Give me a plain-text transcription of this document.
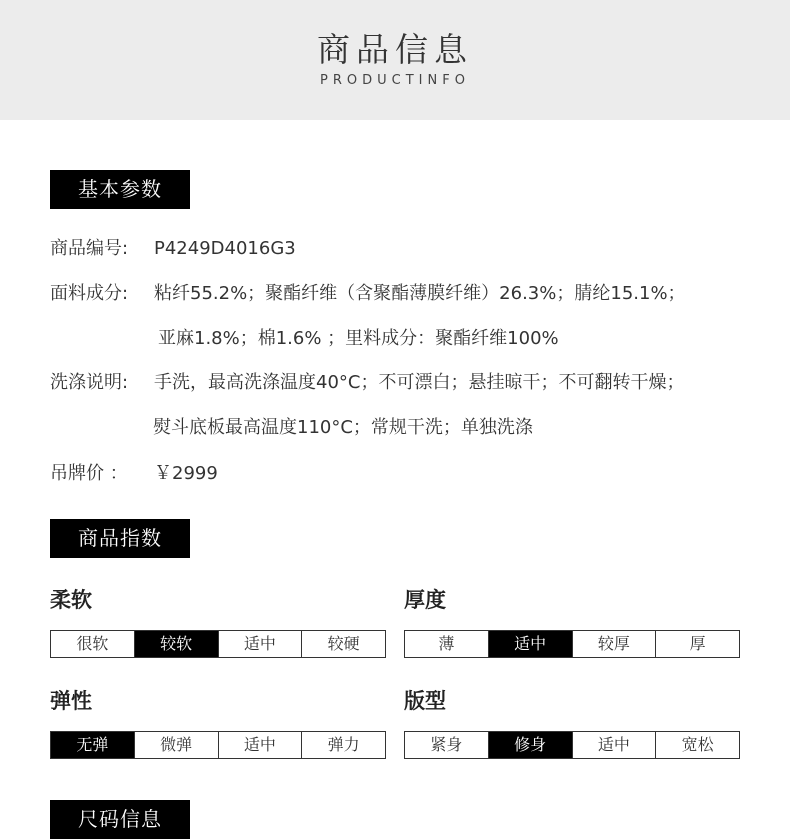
商品信息
PRODUCTINFO
基本参数
商品编号: P4249D4016G3
面料成分: 粘纤55.2%；聚酯纤维（含聚酯薄膜纤维）26.3%；腈纶15.1%；
亚麻1.8%；棉1.6% ；里料成分：聚酯纤维100%
洗涤说明: 手洗，最高洗涤温度40°C；不可漂白；悬挂晾干；不可翻转干燥；
熨斗底板最高温度110°C；常规干洗；单独洗涤
吊牌价 ： ￥2999
商品指数
柔软
很软	较软	适中	较硬
厚度
薄	适中	较厚	厚
弹性
无弹	微弹	适中	弹力
版型
紧身	修身	适中	宽松
尺码信息
